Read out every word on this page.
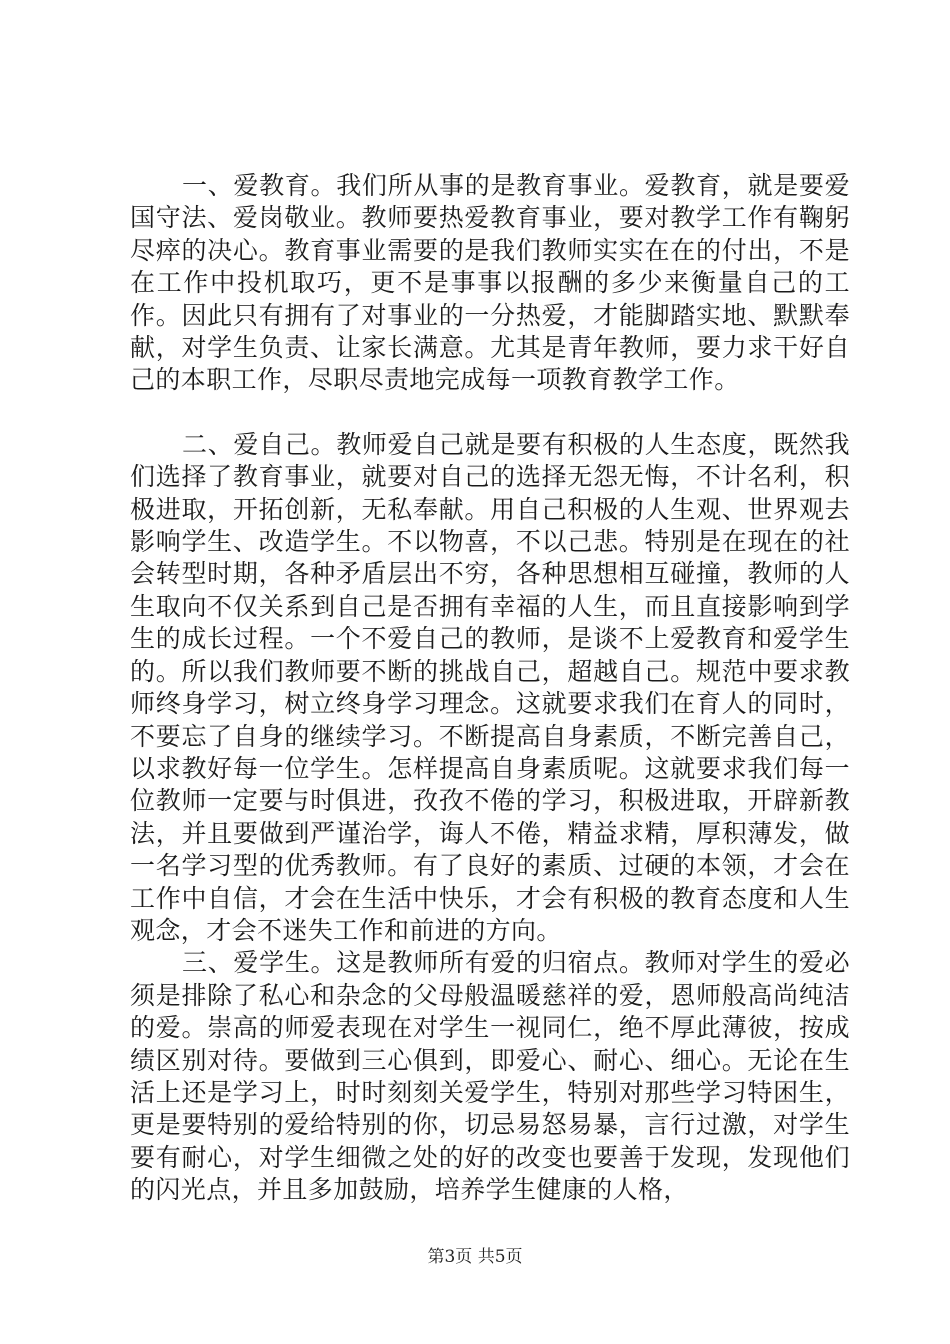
一、爱教育。我们所从事的是教育事业。爱教育，就是要爱国守法、爱岗敬业。教师要热爱教育事业，要对教学工作有鞠躬尽瘁的决心。教育事业需要的是我们教师实实在在的付出，不是在工作中投机取巧，更不是事事以报酬的多少来衡量自己的工作。因此只有拥有了对事业的一分热爱，才能脚踏实地、默默奉献，对学生负责、让家长满意。尤其是青年教师，要力求干好自己的本职工作，尽职尽责地完成每一项教育教学工作。

二、爱自己。教师爱自己就是要有积极的人生态度，既然我们选择了教育事业，就要对自己的选择无怨无悔，不计名利，积极进取，开拓创新，无私奉献。用自己积极的人生观、世界观去影响学生、改造学生。不以物喜，不以己悲。特别是在现在的社会转型时期，各种矛盾层出不穷，各种思想相互碰撞，教师的人生取向不仅关系到自己是否拥有幸福的人生，而且直接影响到学生的成长过程。一个不爱自己的教师，是谈不上爱教育和爱学生的。所以我们教师要不断的挑战自己，超越自己。规范中要求教师终身学习，树立终身学习理念。这就要求我们在育人的同时，不要忘了自身的继续学习。不断提高自身素质，不断完善自己，以求教好每一位学生。怎样提高自身素质呢。这就要求我们每一位教师一定要与时俱进，孜孜不倦的学习，积极进取，开辟新教法，并且要做到严谨治学，诲人不倦，精益求精，厚积薄发，做一名学习型的优秀教师。有了良好的素质、过硬的本领，才会在工作中自信，才会在生活中快乐，才会有积极的教育态度和人生观念，才会不迷失工作和前进的方向。

三、爱学生。这是教师所有爱的归宿点。教师对学生的爱必须是排除了私心和杂念的父母般温暖慈祥的爱，恩师般高尚纯洁的爱。崇高的师爱表现在对学生一视同仁，绝不厚此薄彼，按成绩区别对待。要做到三心俱到，即爱心、耐心、细心。无论在生活上还是学习上，时时刻刻关爱学生，特别对那些学习特困生，更是要特别的爱给特别的你，切忌易怒易暴，言行过激，对学生要有耐心，对学生细微之处的好的改变也要善于发现，发现他们的闪光点，并且多加鼓励，培养学生健康的人格，

第3页 共5页
